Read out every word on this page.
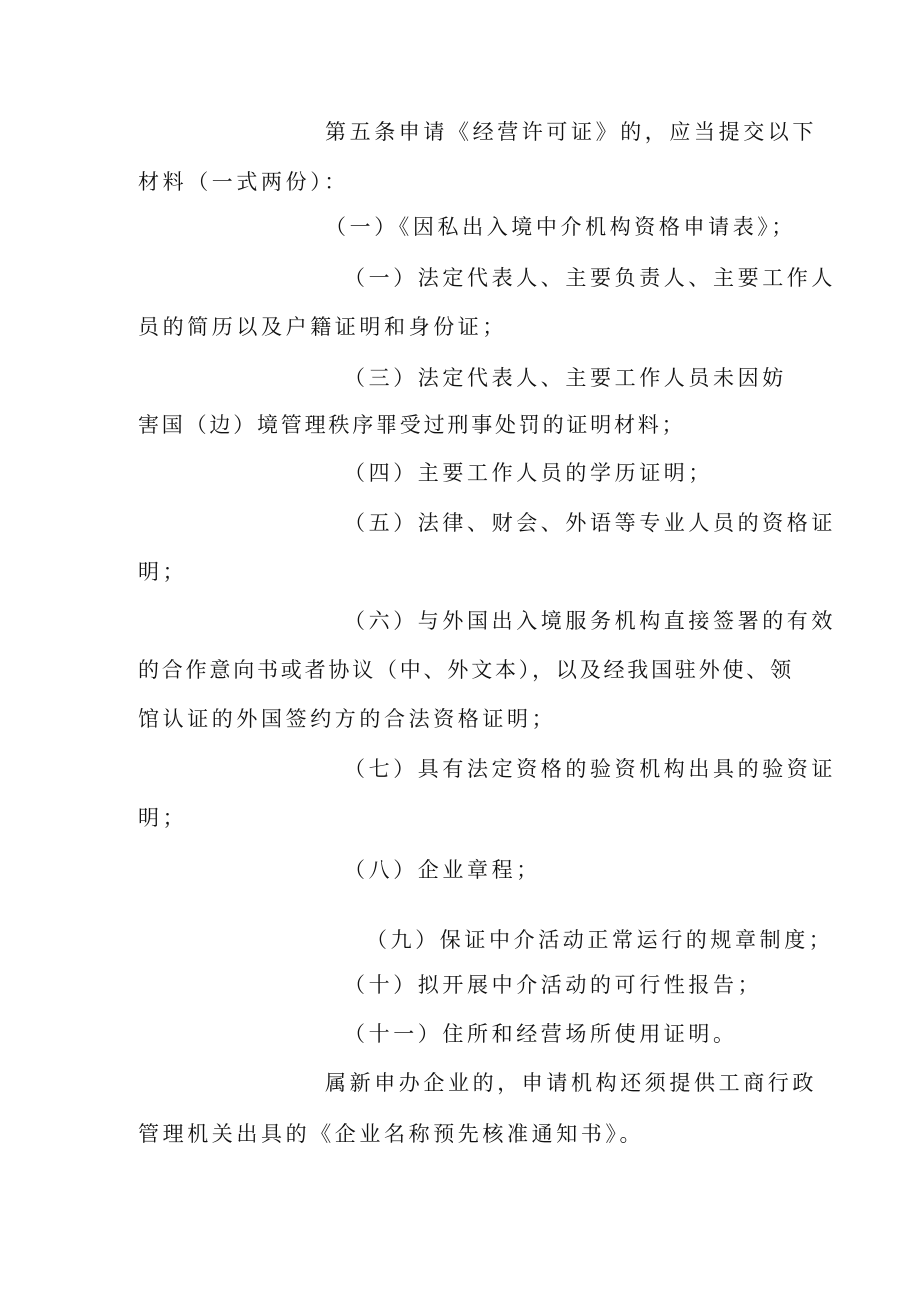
第五条申请《经营许可证》的，应当提交以下
材料（一式两份）：
（一）《因私出入境中介机构资格申请表》；
（一）法定代表人、主要负责人、主要工作人
员的简历以及户籍证明和身份证；
（三）法定代表人、主要工作人员未因妨
害国（边）境管理秩序罪受过刑事处罚的证明材料；
（四）主要工作人员的学历证明；
（五）法律、财会、外语等专业人员的资格证
明；
（六）与外国出入境服务机构直接签署的有效
的合作意向书或者协议（中、外文本），以及经我国驻外使、领
馆认证的外国签约方的合法资格证明；
（七）具有法定资格的验资机构出具的验资证
明；
（八）企业章程；
（九）保证中介活动正常运行的规章制度；
（十）拟开展中介活动的可行性报告；
（十一）住所和经营场所使用证明。
属新申办企业的，申请机构还须提供工商行政
管理机关出具的《企业名称预先核准通知书》。
